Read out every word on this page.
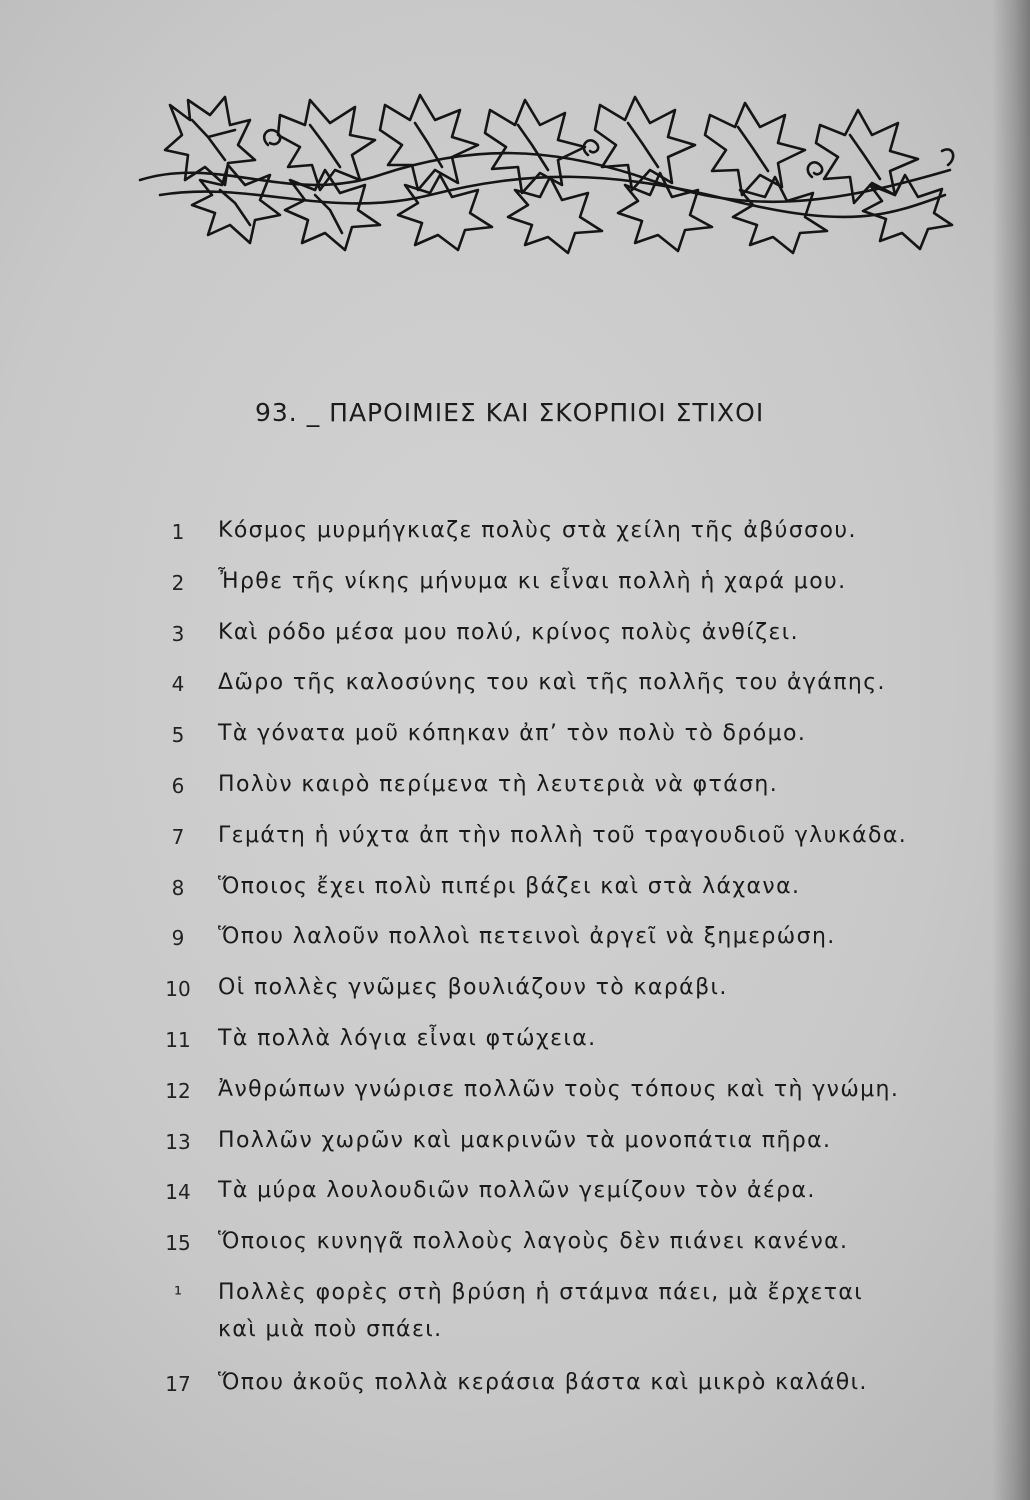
93. _ ΠΑΡΟΙΜΙΕΣ ΚΑΙ ΣΚΟΡΠΙΟΙ ΣΤΙΧΟΙ
1	Κόσμος μυρμήγκιαζε πολὺς στὰ χείλη τῆς ἀβύσσου.
2	Ἦρθε τῆς νίκης μήνυμα κι εἶναι πολλὴ ἡ χαρά μου.
3	Καὶ ρόδο μέσα μου πολύ, κρίνος πολὺς ἀνθίζει.
4	Δῶρο τῆς καλοσύνης του καὶ τῆς πολλῆς του ἀγάπης.
5	Τὰ γόνατα μοῦ κόπηκαν ἀπ’ τὸν πολὺ τὸ δρόμο.
6	Πολὺν καιρὸ περίμενα τὴ λευτεριὰ νὰ φτάση.
7	Γεμάτη ἡ νύχτα ἀπ τὴν πολλὴ τοῦ τραγουδιοῦ γλυκάδα.
8	Ὅποιος ἔχει πολὺ πιπέρι βάζει καὶ στὰ λάχανα.
9	Ὅπου λαλοῦν πολλοὶ πετεινοὶ ἀργεῖ νὰ ξημερώση.
10 Οἱ πολλὲς γνῶμες βουλιάζουν τὸ καράβι.
11 Τὰ πολλὰ λόγια εἶναι φτώχεια.
12 Ἀνθρώπων γνώρισε πολλῶν τοὺς τόπους καὶ τὴ γνώμη.
13 Πολλῶν χωρῶν καὶ μακρινῶν τὰ μονοπάτια πῆρα.
14 Τὰ μύρα λουλουδιῶν πολλῶν γεμίζουν τὸν ἀέρα.
15 Ὅποιος κυνηγᾶ πολλοὺς λαγοὺς δὲν πιάνει κανένα.
¹	Πολλὲς φορὲς στὴ βρύση ἡ στάμνα πάει, μὰ ἔρχεται
καὶ μιὰ ποὺ σπάει.
17 Ὅπου ἀκοῦς πολλὰ κεράσια βάστα καὶ μικρὸ καλάθι.
